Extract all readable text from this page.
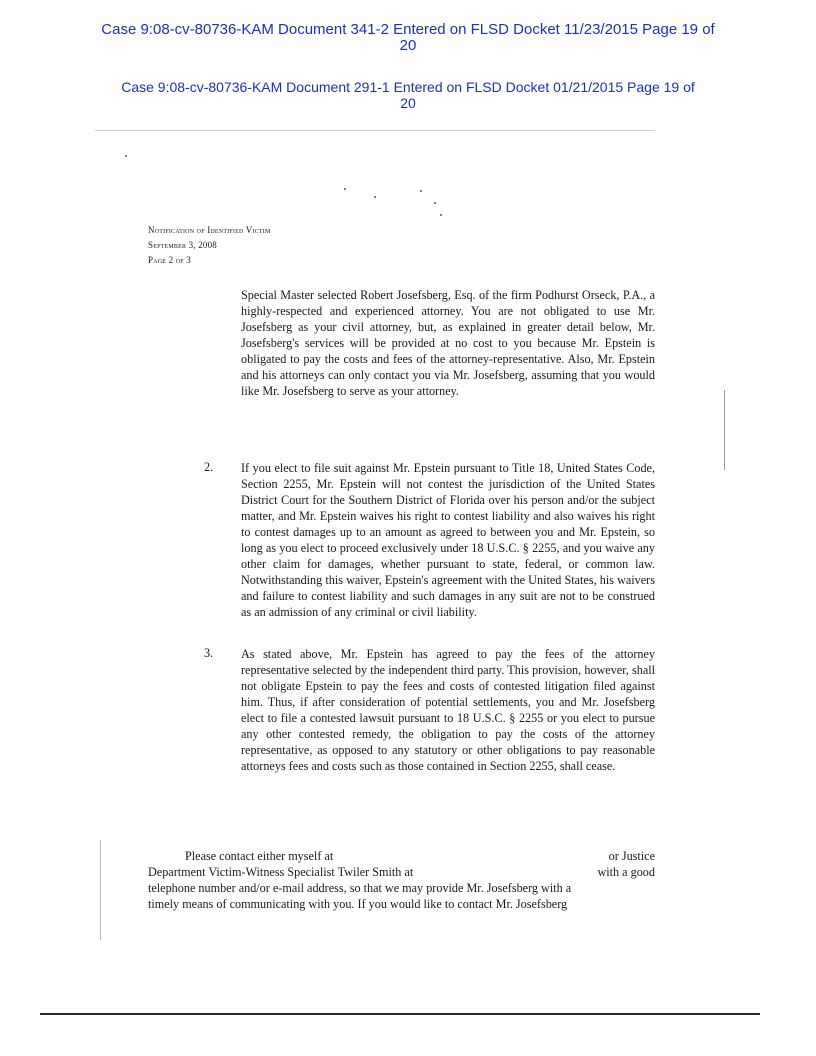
Case 9:08-cv-80736-KAM Document 341-2 Entered on FLSD Docket 11/23/2015 Page 19 of
20
Case 9:08-cv-80736-KAM Document 291-1 Entered on FLSD Docket 01/21/2015 Page 19 of
20
Notification of Identified Victim
September 3, 2008
Page 2 of 3
Special Master selected Robert Josefsberg, Esq. of the firm Podhurst Orseck, P.A., a highly-respected and experienced attorney. You are not obligated to use Mr. Josefsberg as your civil attorney, but, as explained in greater detail below, Mr. Josefsberg's services will be provided at no cost to you because Mr. Epstein is obligated to pay the costs and fees of the attorney-representative. Also, Mr. Epstein and his attorneys can only contact you via Mr. Josefsberg, assuming that you would like Mr. Josefsberg to serve as your attorney.
2. If you elect to file suit against Mr. Epstein pursuant to Title 18, United States Code, Section 2255, Mr. Epstein will not contest the jurisdiction of the United States District Court for the Southern District of Florida over his person and/or the subject matter, and Mr. Epstein waives his right to contest liability and also waives his right to contest damages up to an amount as agreed to between you and Mr. Epstein, so long as you elect to proceed exclusively under 18 U.S.C. § 2255, and you waive any other claim for damages, whether pursuant to state, federal, or common law. Notwithstanding this waiver, Epstein's agreement with the United States, his waivers and failure to contest liability and such damages in any suit are not to be construed as an admission of any criminal or civil liability.
3. As stated above, Mr. Epstein has agreed to pay the fees of the attorney representative selected by the independent third party. This provision, however, shall not obligate Epstein to pay the fees and costs of contested litigation filed against him. Thus, if after consideration of potential settlements, you and Mr. Josefsberg elect to file a contested lawsuit pursuant to 18 U.S.C. § 2255 or you elect to pursue any other contested remedy, the obligation to pay the costs of the attorney representative, as opposed to any statutory or other obligations to pay reasonable attorneys fees and costs such as those contained in Section 2255, shall cease.
Please contact either myself at	or Justice
Department Victim-Witness Specialist Twiler Smith at	with a good
telephone number and/or e-mail address, so that we may provide Mr. Josefsberg with a
timely means of communicating with you. If you would like to contact Mr. Josefsberg
